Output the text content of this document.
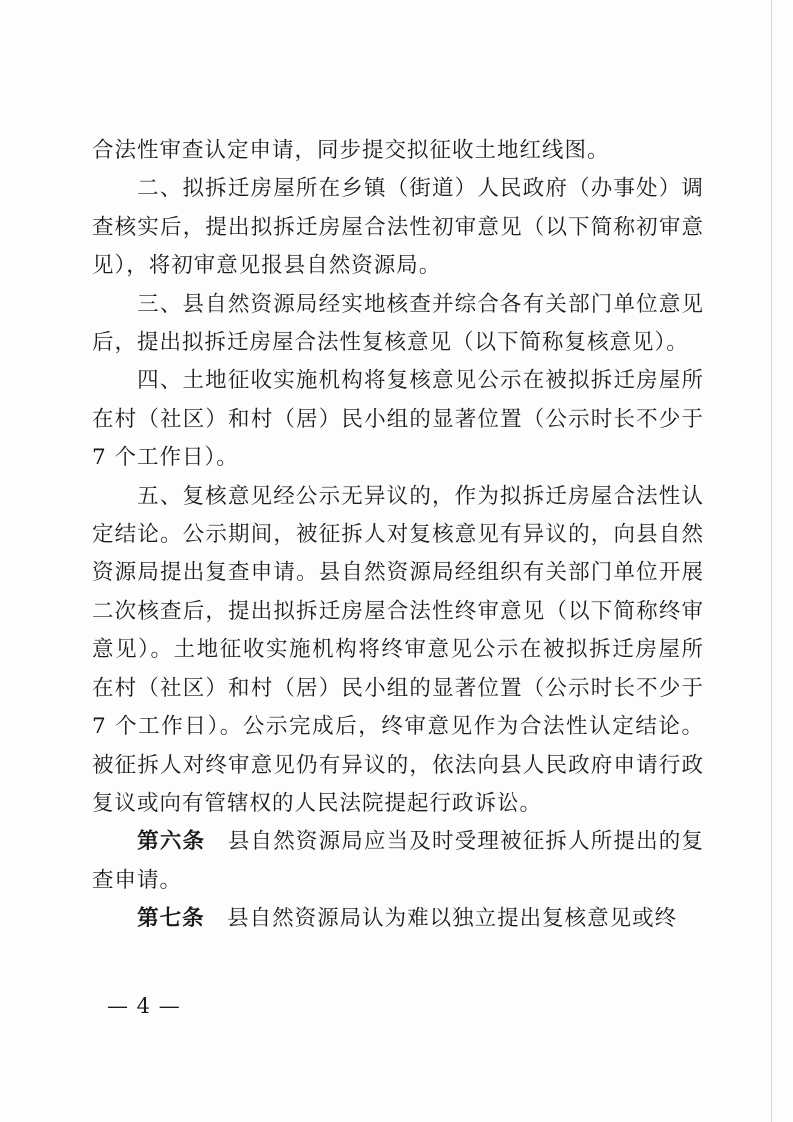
合法性审查认定申请，同步提交拟征收土地红线图。

二、拟拆迁房屋所在乡镇（街道）人民政府（办事处）调查核实后，提出拟拆迁房屋合法性初审意见（以下简称初审意见），将初审意见报县自然资源局。

三、县自然资源局经实地核查并综合各有关部门单位意见后，提出拟拆迁房屋合法性复核意见（以下简称复核意见）。

四、土地征收实施机构将复核意见公示在被拟拆迁房屋所在村（社区）和村（居）民小组的显著位置（公示时长不少于 7 个工作日）。

五、复核意见经公示无异议的，作为拟拆迁房屋合法性认定结论。公示期间，被征拆人对复核意见有异议的，向县自然资源局提出复查申请。县自然资源局经组织有关部门单位开展二次核查后，提出拟拆迁房屋合法性终审意见（以下简称终审意见）。土地征收实施机构将终审意见公示在被拟拆迁房屋所在村（社区）和村（居）民小组的显著位置（公示时长不少于 7 个工作日）。公示完成后，终审意见作为合法性认定结论。被征拆人对终审意见仍有异议的，依法向县人民政府申请行政复议或向有管辖权的人民法院提起行政诉讼。

第六条  县自然资源局应当及时受理被征拆人所提出的复查申请。

第七条  县自然资源局认为难以独立提出复核意见或终

— 4 —
